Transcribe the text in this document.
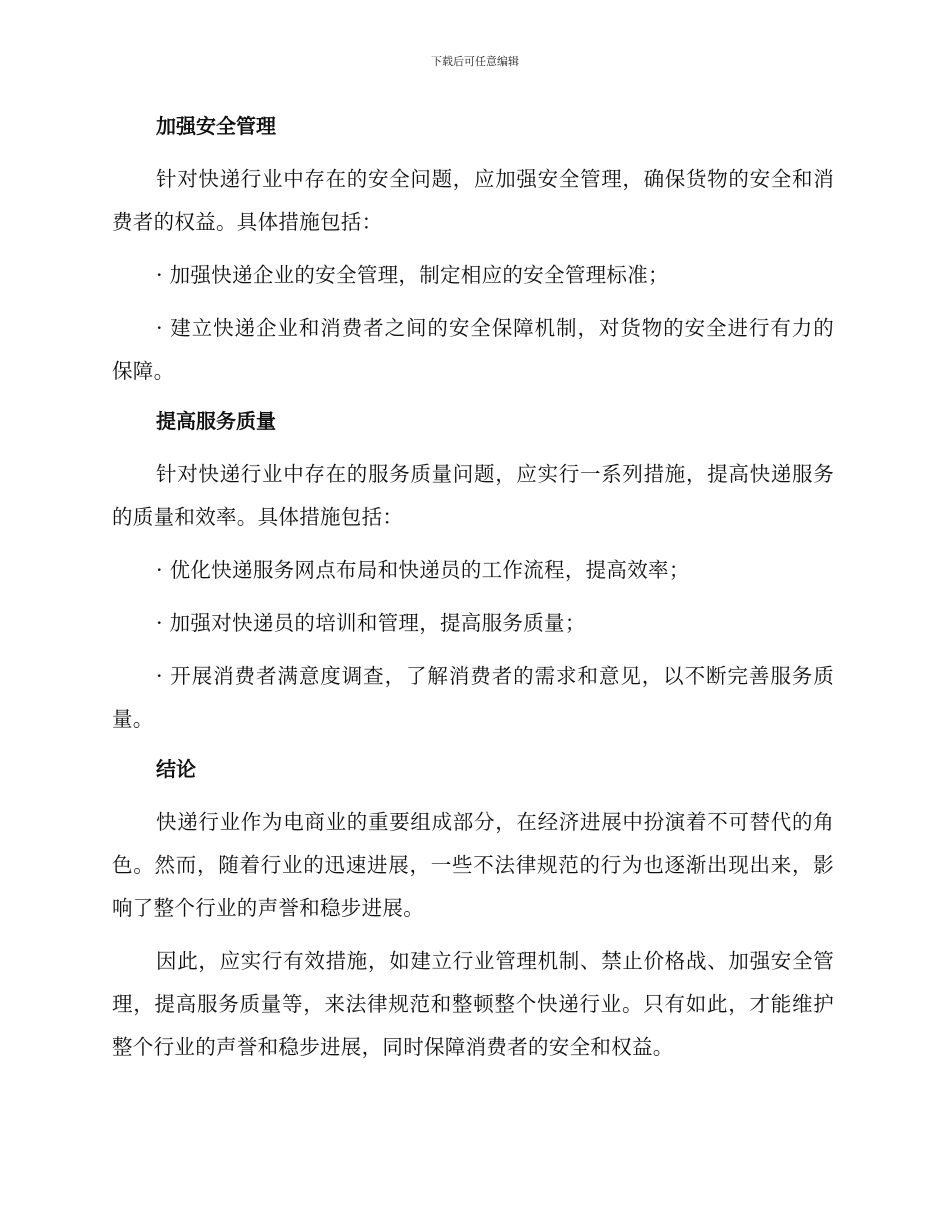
下载后可任意编辑
加强安全管理

针对快递行业中存在的安全问题，应加强安全管理，确保货物的安全和消费者的权益。具体措施包括：

· 加强快递企业的安全管理，制定相应的安全管理标准；

· 建立快递企业和消费者之间的安全保障机制，对货物的安全进行有力的保障。

提高服务质量

针对快递行业中存在的服务质量问题，应实行一系列措施，提高快递服务的质量和效率。具体措施包括：

· 优化快递服务网点布局和快递员的工作流程，提高效率；

· 加强对快递员的培训和管理，提高服务质量；

· 开展消费者满意度调查，了解消费者的需求和意见，以不断完善服务质量。

结论

快递行业作为电商业的重要组成部分，在经济进展中扮演着不可替代的角色。然而，随着行业的迅速进展，一些不法律规范的行为也逐渐出现出来，影响了整个行业的声誉和稳步进展。

因此，应实行有效措施，如建立行业管理机制、禁止价格战、加强安全管理，提高服务质量等，来法律规范和整顿整个快递行业。只有如此，才能维护整个行业的声誉和稳步进展，同时保障消费者的安全和权益。
